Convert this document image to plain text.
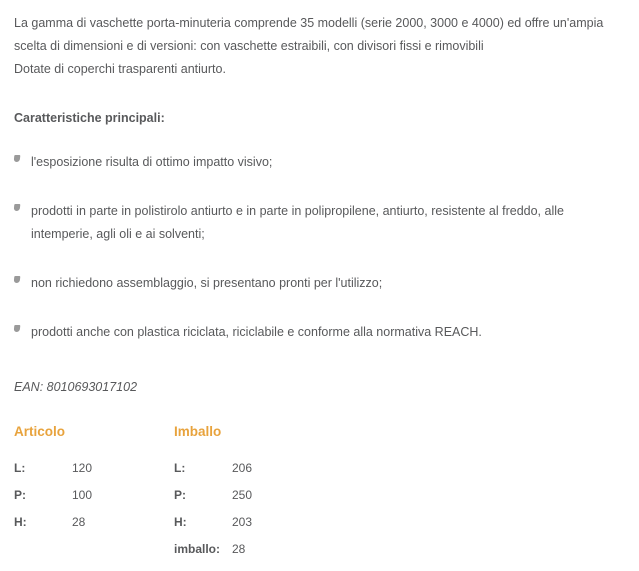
La gamma di vaschette porta-minuteria comprende 35 modelli (serie 2000, 3000 e 4000) ed offre un'ampia

scelta di dimensioni e di versioni: con vaschette estraibili, con divisori fissi e rimovibili

Dotate di coperchi trasparenti antiurto.

Caratteristiche principali:
l'esposizione risulta di ottimo impatto visivo;
prodotti in parte in polistirolo antiurto e in parte in polipropilene, antiurto, resistente al freddo, alle intemperie, agli oli e ai solventi;
non richiedono assemblaggio, si presentano pronti per l'utilizzo;
prodotti anche con plastica riciclata, riciclabile e conforme alla normativa REACH.
EAN: 8010693017102
Articolo
L:	120
P:	100
H:	28
Imballo
L:	206
P:	250
H:	203
imballo: 28
